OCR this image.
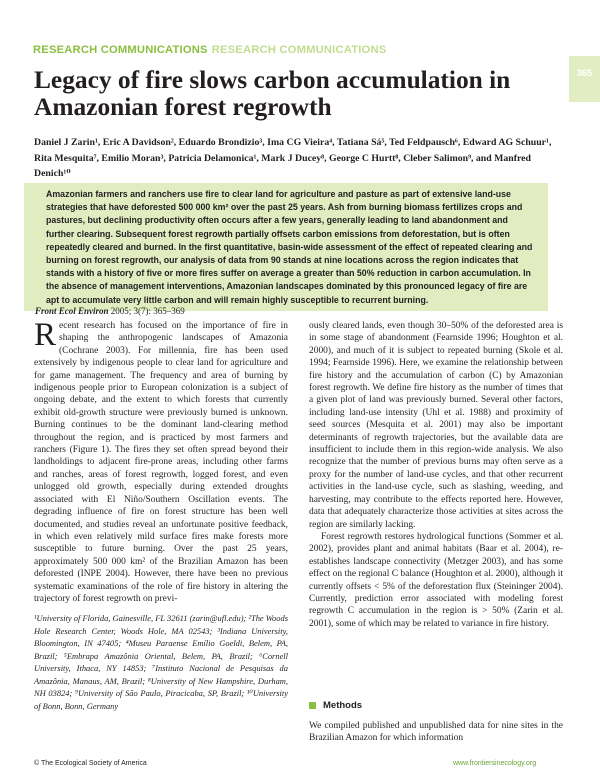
RESEARCH COMMUNICATIONS RESEARCH COMMUNICATIONS
365
Legacy of fire slows carbon accumulation in Amazonian forest regrowth

Daniel J Zarin¹, Eric A Davidson², Eduardo Brondizio³, Ima CG Vieira⁴, Tatiana Sá⁵, Ted Feldpausch⁶, Edward AG Schuur¹, Rita Mesquita⁷, Emilio Moran³, Patricia Delamonica¹, Mark J Ducey⁸, George C Hurtt⁸, Cleber Salimon⁹, and Manfred Denich¹⁰

Amazonian farmers and ranchers use fire to clear land for agriculture and pasture as part of extensive land-use strategies that have deforested 500 000 km² over the past 25 years. Ash from burning biomass fertilizes crops and pastures, but declining productivity often occurs after a few years, generally leading to land abandonment and further clearing. Subsequent forest regrowth partially offsets carbon emissions from deforestation, but is often repeatedly cleared and burned. In the first quantitative, basin-wide assessment of the effect of repeated clearing and burning on forest regrowth, our analysis of data from 90 stands at nine locations across the region indicates that stands with a history of five or more fires suffer on average a greater than 50% reduction in carbon accumulation. In the absence of management interventions, Amazonian landscapes dominated by this pronounced legacy of fire are apt to accumulate very little carbon and will remain highly susceptible to recurrent burning.

Front Ecol Environ 2005; 3(7): 365–369

Recent research has focused on the importance of fire in shaping the anthropogenic landscapes of Amazonia (Cochrane 2003). For millennia, fire has been used extensively by indigenous people to clear land for agriculture and for game management. The frequency and area of burning by indigenous people prior to European colonization is a subject of ongoing debate, and the extent to which forests that currently exhibit old-growth structure were previously burned is unknown. Burning continues to be the dominant land-clearing method throughout the region, and is practiced by most farmers and ranchers (Figure 1). The fires they set often spread beyond their landholdings to adjacent fire-prone areas, including other farms and ranches, areas of forest regrowth, logged forest, and even unlogged old growth, especially during extended droughts associated with El Niño/Southern Oscillation events. The degrading influence of fire on forest structure has been well documented, and studies reveal an unfortunate positive feedback, in which even relatively mild surface fires make forests more susceptible to future burning. Over the past 25 years, approximately 500 000 km² of the Brazilian Amazon has been deforested (INPE 2004). However, there have been no previous systematic examinations of the role of fire history in altering the trajectory of forest regrowth on previ-

¹University of Florida, Gainesville, FL 32611 (zarin@ufl.edu); ²The Woods Hole Research Center, Woods Hole, MA 02543; ³Indiana University, Bloomington, IN 47405; ⁴Museu Paraense Emílio Goeldi, Belem, PA, Brazil; ⁵Embrapa Amazônia Oriental, Belem, PA, Brazil; ⁶Cornell University, Ithaca, NY 14853; ⁷Instituto Nacional de Pesquisas da Amazônia, Manaus, AM, Brazil; ⁸University of New Hampshire, Durham, NH 03824; ⁹University of São Paulo, Piracicaba, SP, Brazil; ¹⁰University of Bonn, Bonn, Germany

ously cleared lands, even though 30–50% of the deforested area is in some stage of abandonment (Fearnside 1996; Houghton et al. 2000), and much of it is subject to repeated burning (Skole et al. 1994; Fearnside 1996). Here, we examine the relationship between fire history and the accumulation of carbon (C) by Amazonian forest regrowth. We define fire history as the number of times that a given plot of land was previously burned. Several other factors, including land-use intensity (Uhl et al. 1988) and proximity of seed sources (Mesquita et al. 2001) may also be important determinants of regrowth trajectories, but the available data are insufficient to include them in this region-wide analysis. We also recognize that the number of previous burns may often serve as a proxy for the number of land-use cycles, and that other recurrent activities in the land-use cycle, such as slashing, weeding, and harvesting, may contribute to the effects reported here. However, data that adequately characterize those activities at sites across the region are similarly lacking.

Forest regrowth restores hydrological functions (Sommer et al. 2002), provides plant and animal habitats (Baar et al. 2004), re-establishes landscape connectivity (Metzger 2003), and has some effect on the regional C balance (Houghton et al. 2000), although it currently offsets < 5% of the deforestation flux (Steininger 2004). Currently, prediction error associated with modeling forest regrowth C accumulation in the region is > 50% (Zarin et al. 2001), some of which may be related to variance in fire history.

Methods

We compiled published and unpublished data for nine sites in the Brazilian Amazon for which information

© The Ecological Society of America	www.frontiersinecology.org
